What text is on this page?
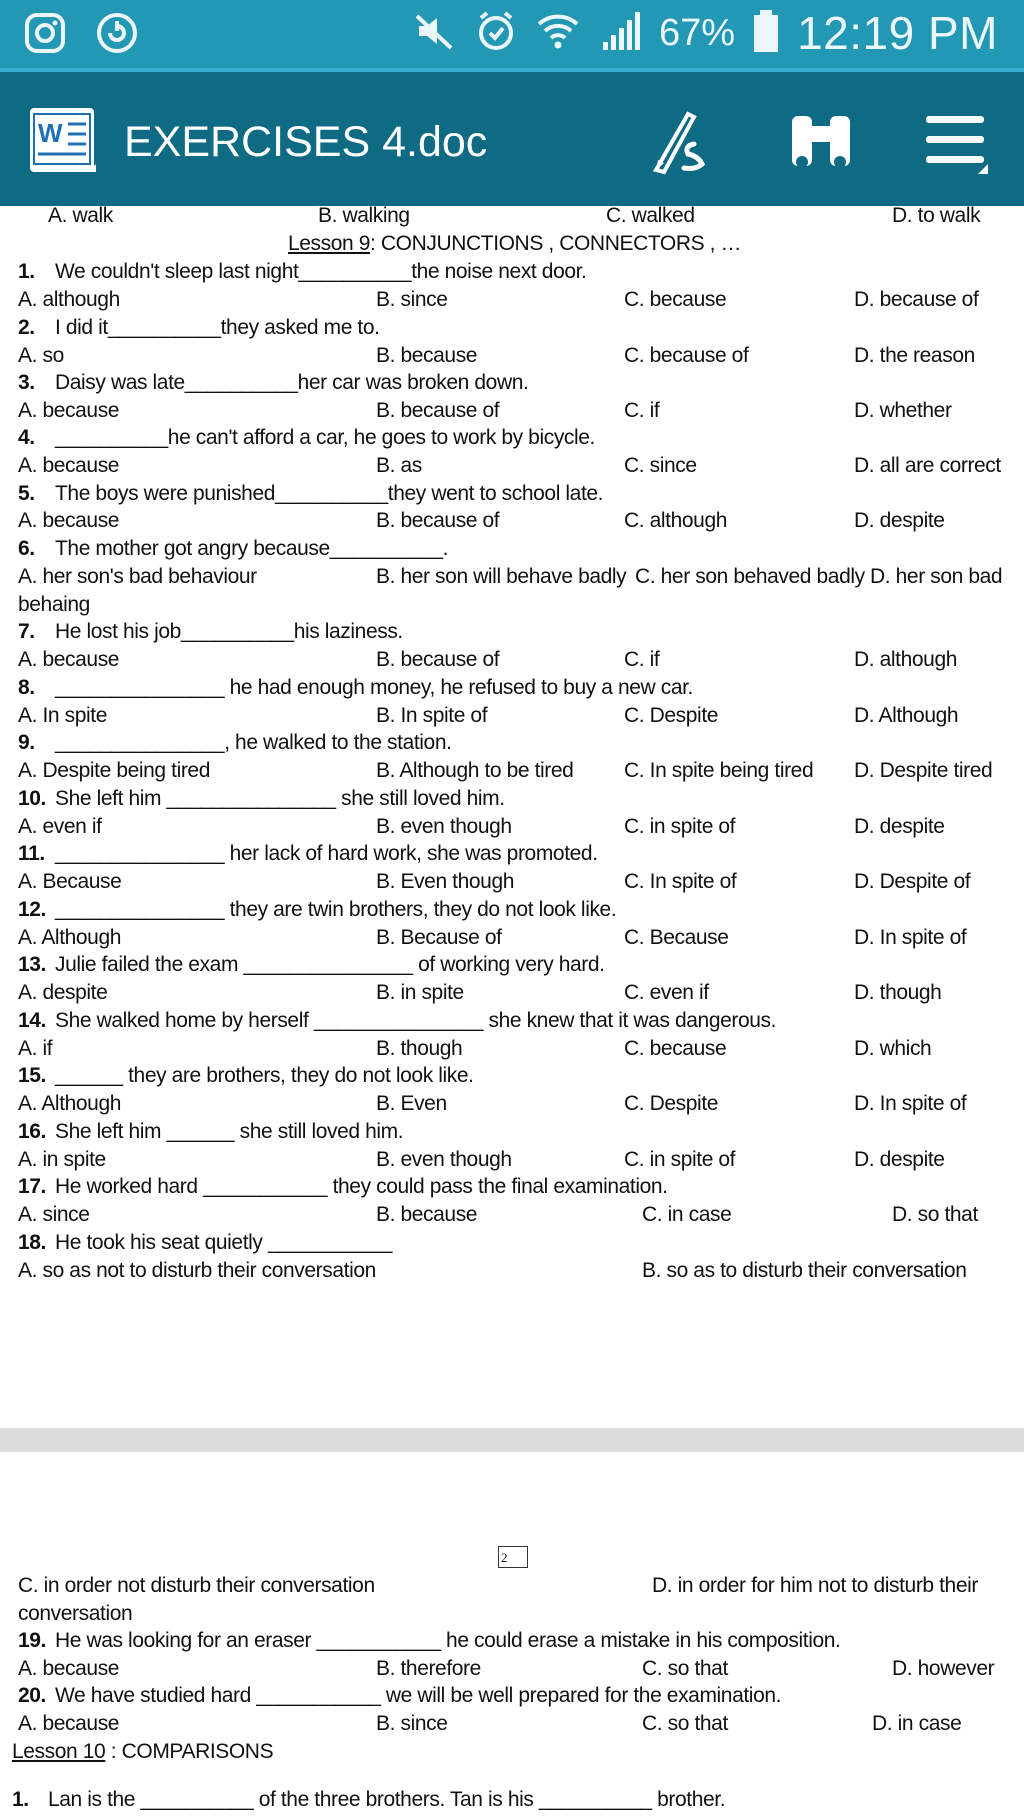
67% 12:19 PM
W EXERCISES 4.doc
A. walk	B. walking	C. walked	D. to walk
Lesson 9: CONJUNCTIONS , CONNECTORS , …
1. We couldn't sleep last night__________the noise next door.
A. although	B. since	C. because	D. because of
2. I did it__________they asked me to.
A. so	B. because	C. because of	D. the reason
3. Daisy was late__________her car was broken down.
A. because	B. because of	C. if	D. whether
4. __________he can't afford a car, he goes to work by bicycle.
A. because	B. as	C. since	D. all are correct
5. The boys were punished__________they went to school late.
A. because	B. because of	C. although	D. despite
6. The mother got angry because__________.
A. her son's bad behaviour	B. her son will behave badly C. her son behaved badly D. her son bad
behaing
7. He lost his job__________his laziness.
A. because	B. because of	C. if	D. although
8. _______________ he had enough money, he refused to buy a new car.
A. In spite	B. In spite of	C. Despite	D. Although
9. _______________, he walked to the station.
A. Despite being tired	B. Although to be tired C. In spite being tired D. Despite tired
10. She left him _______________ she still loved him.
A. even if	B. even though	C. in spite of	D. despite
11. _______________ her lack of hard work, she was promoted.
A. Because	B. Even though	C. In spite of	D. Despite of
12. _______________ they are twin brothers, they do not look like.
A. Although	B. Because of	C. Because	D. In spite of
13. Julie failed the exam _______________ of working very hard.
A. despite	B. in spite	C. even if	D. though
14. She walked home by herself _______________ she knew that it was dangerous.
A. if	B. though	C. because	D. which
15. ______ they are brothers, they do not look like.
A. Although	B. Even	C. Despite	D. In spite of
16. She left him ______ she still loved him.
A. in spite	B. even though	C. in spite of	D. despite
17. He worked hard ___________ they could pass the final examination.
A. since	B. because	C. in case	D. so that
18. He took his seat quietly ___________
A. so as not to disturb their conversation	B. so as to disturb their conversation
2
C. in order not disturb their conversation	D. in order for him not to disturb their
conversation
19. He was looking for an eraser ___________ he could erase a mistake in his composition.
A. because	B. therefore	C. so that	D. however
20. We have studied hard ___________ we will be well prepared for the examination.
A. because	B. since	C. so that	D. in case
Lesson 10 : COMPARISONS
1. Lan is the __________ of the three brothers. Tan is his __________ brother.
